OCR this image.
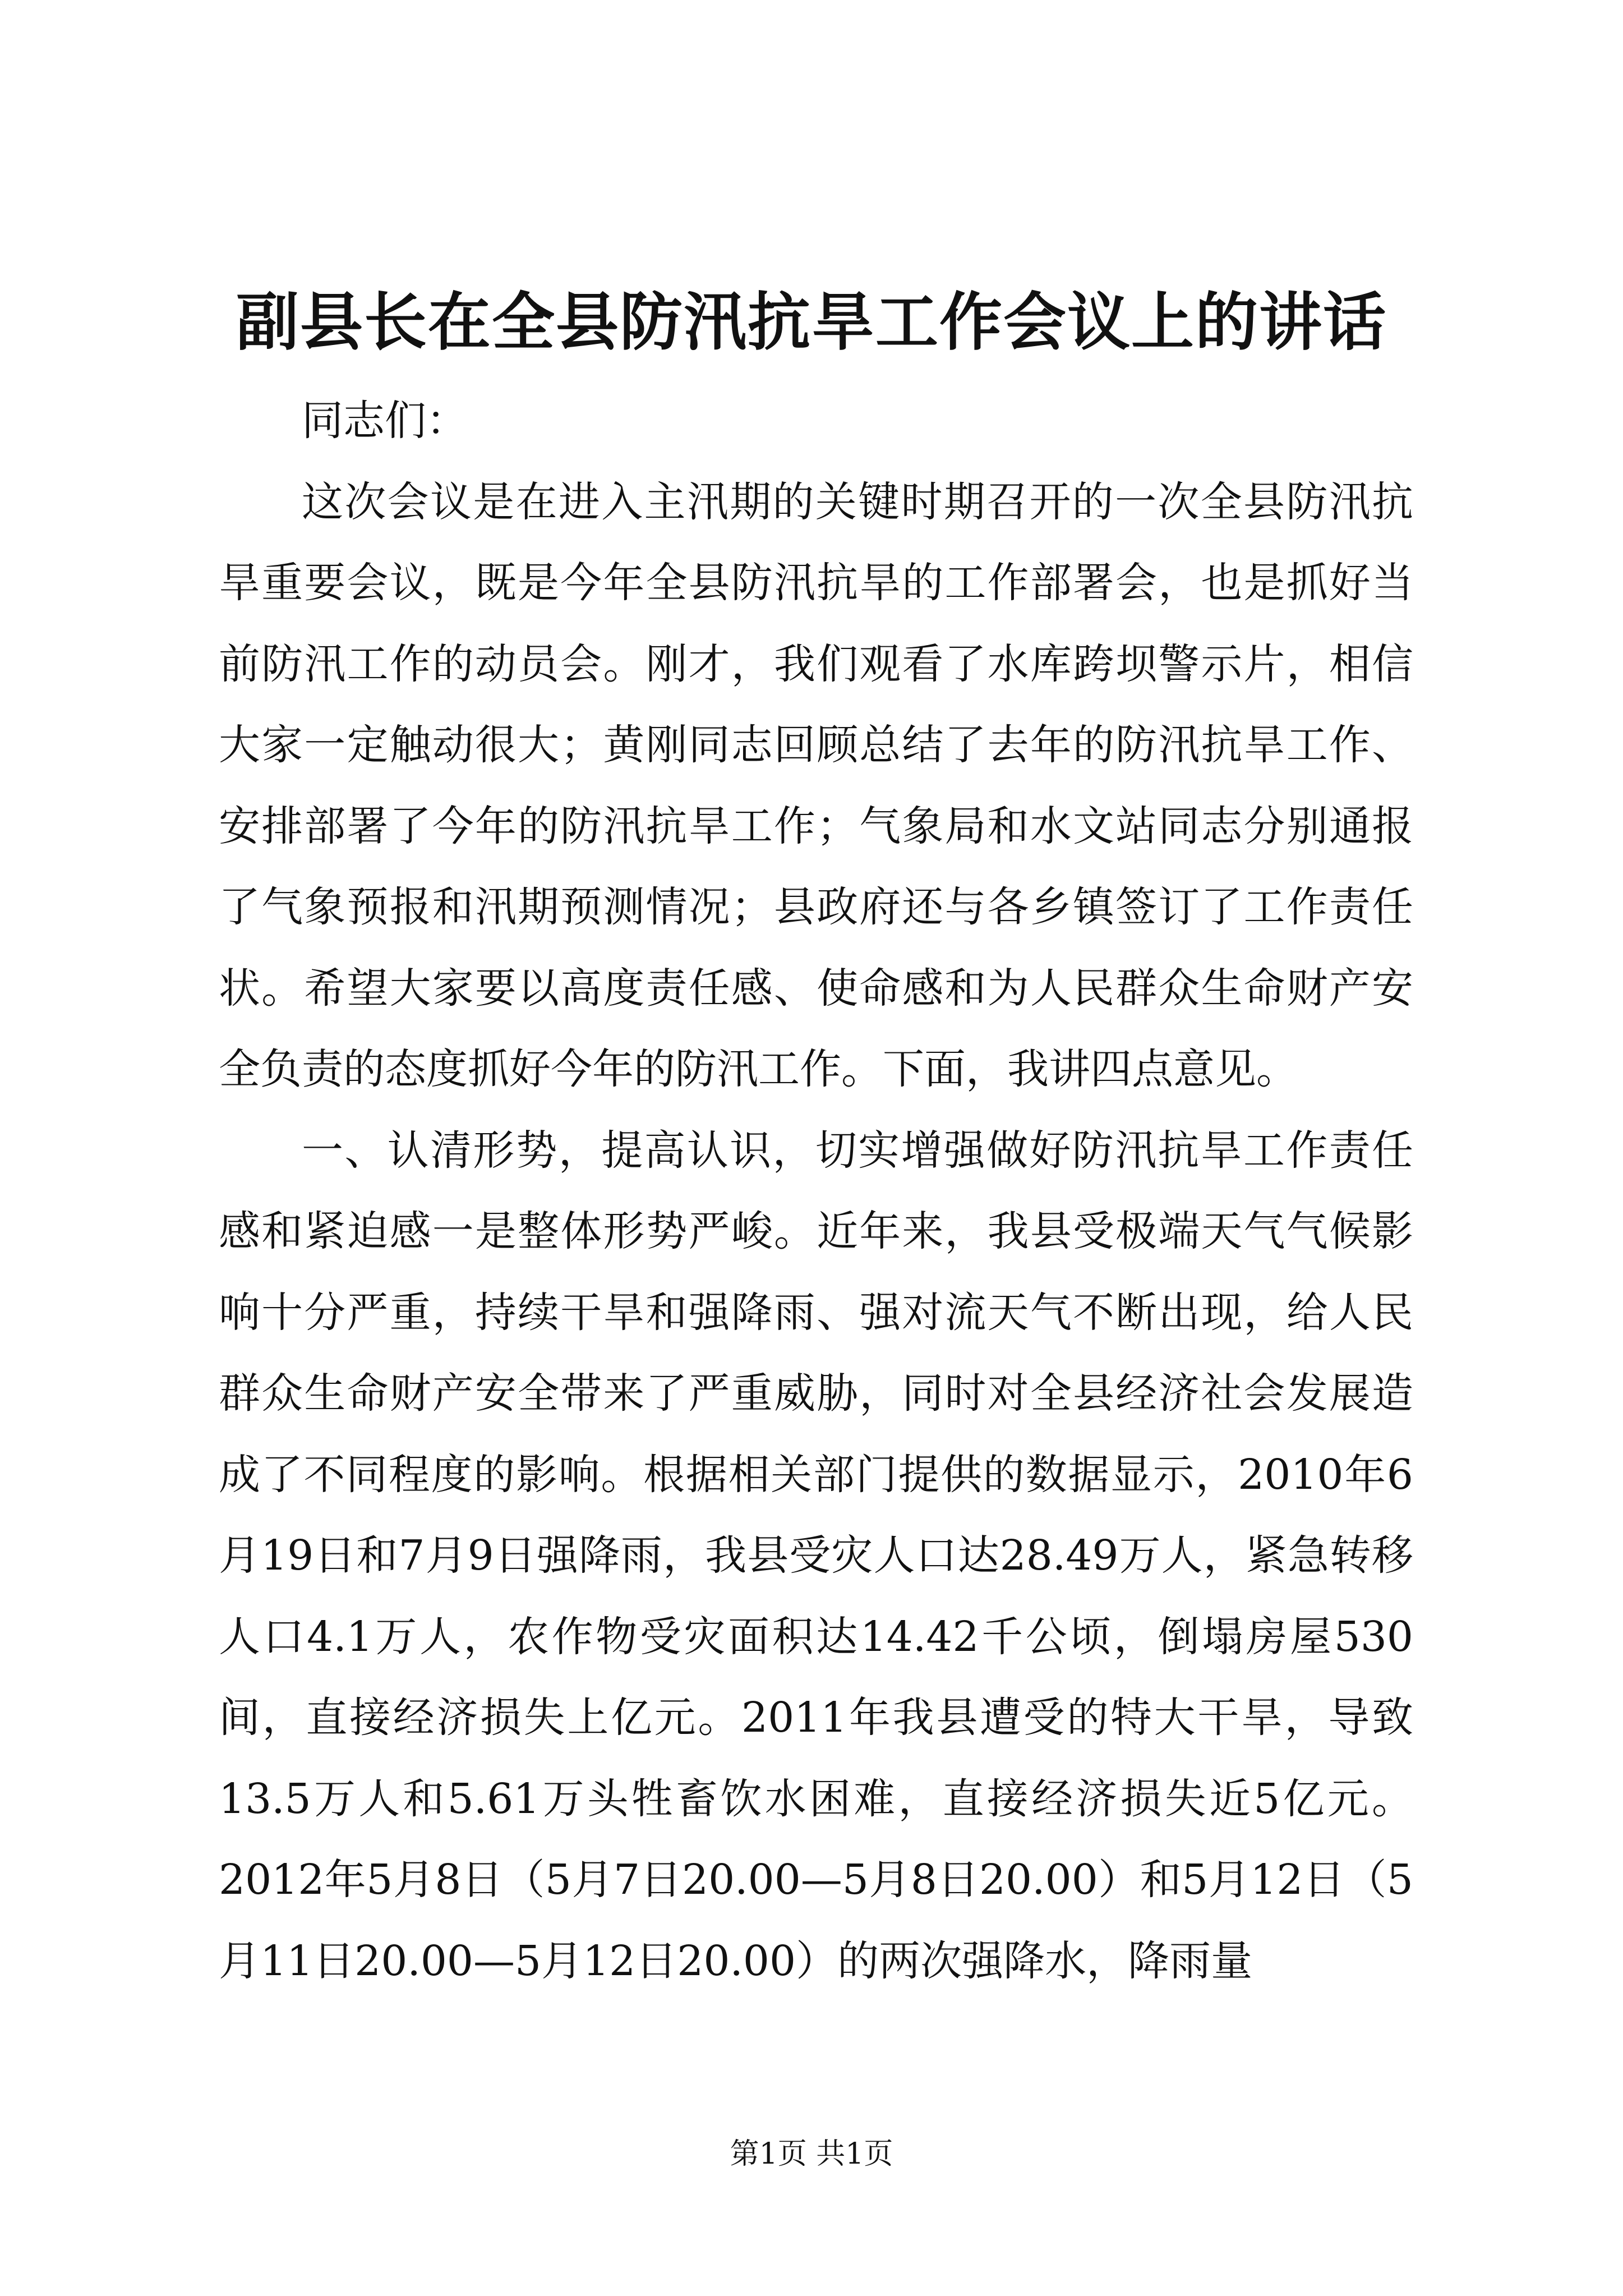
副县长在全县防汛抗旱工作会议上的讲话

同志们：

这次会议是在进入主汛期的关键时期召开的一次全县防汛抗旱重要会议，既是今年全县防汛抗旱的工作部署会，也是抓好当前防汛工作的动员会。刚才，我们观看了水库跨坝警示片，相信大家一定触动很大；黄刚同志回顾总结了去年的防汛抗旱工作、安排部署了今年的防汛抗旱工作；气象局和水文站同志分别通报了气象预报和汛期预测情况；县政府还与各乡镇签订了工作责任状。希望大家要以高度责任感、使命感和为人民群众生命财产安全负责的态度抓好今年的防汛工作。下面，我讲四点意见。

一、认清形势，提高认识，切实增强做好防汛抗旱工作责任感和紧迫感一是整体形势严峻。近年来，我县受极端天气气候影响十分严重，持续干旱和强降雨、强对流天气不断出现，给人民群众生命财产安全带来了严重威胁，同时对全县经济社会发展造成了不同程度的影响。根据相关部门提供的数据显示，2010年6月19日和7月9日强降雨，我县受灾人口达28.49万人，紧急转移人口4.1万人，农作物受灾面积达14.42千公顷，倒塌房屋530间，直接经济损失上亿元。2011年我县遭受的特大干旱，导致13.5万人和5.61万头牲畜饮水困难，直接经济损失近5亿元。2012年5月8日（5月7日20.00—5月8日20.00）和5月12日（5月11日20.00—5月12日20.00）的两次强降水，降雨量

第1页 共1页
